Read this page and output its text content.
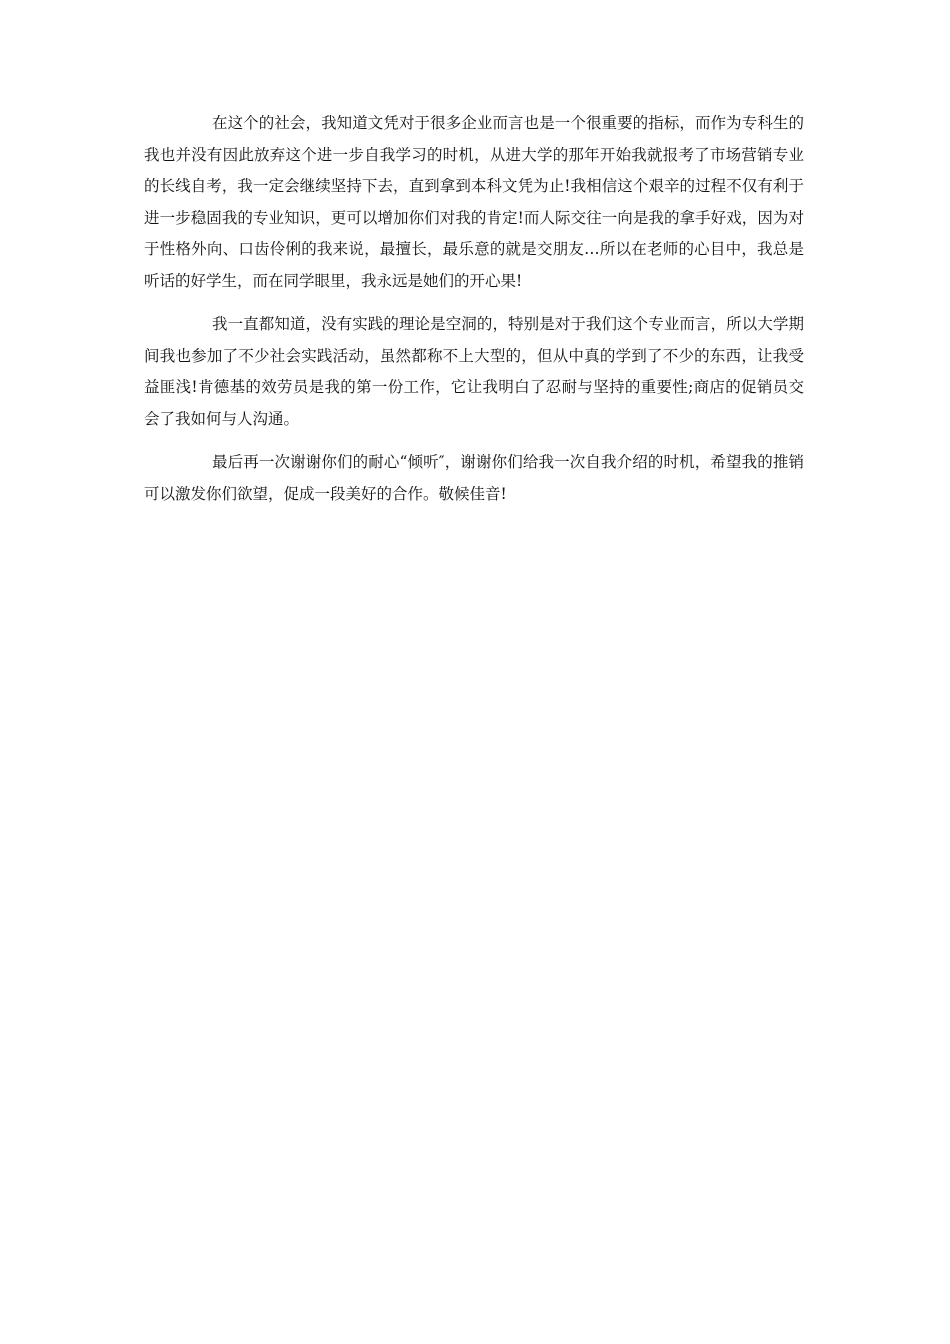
在这个的社会，我知道文凭对于很多企业而言也是一个很重要的指标，而作为专科生的我也并没有因此放弃这个进一步自我学习的时机，从进大学的那年开始我就报考了市场营销专业的长线自考，我一定会继续坚持下去，直到拿到本科文凭为止!我相信这个艰辛的过程不仅有利于进一步稳固我的专业知识，更可以增加你们对我的肯定!而人际交往一向是我的拿手好戏，因为对于性格外向、口齿伶俐的我来说，最擅长，最乐意的就是交朋友…所以在老师的心目中，我总是听话的好学生，而在同学眼里，我永远是她们的开心果!

我一直都知道，没有实践的理论是空洞的，特别是对于我们这个专业而言，所以大学期间我也参加了不少社会实践活动，虽然都称不上大型的，但从中真的学到了不少的东西，让我受益匪浅!肯德基的效劳员是我的第一份工作，它让我明白了忍耐与坚持的重要性;商店的促销员交会了我如何与人沟通。

最后再一次谢谢你们的耐心“倾听″，谢谢你们给我一次自我介绍的时机，希望我的推销可以激发你们欲望，促成一段美好的合作。敬候佳音!
